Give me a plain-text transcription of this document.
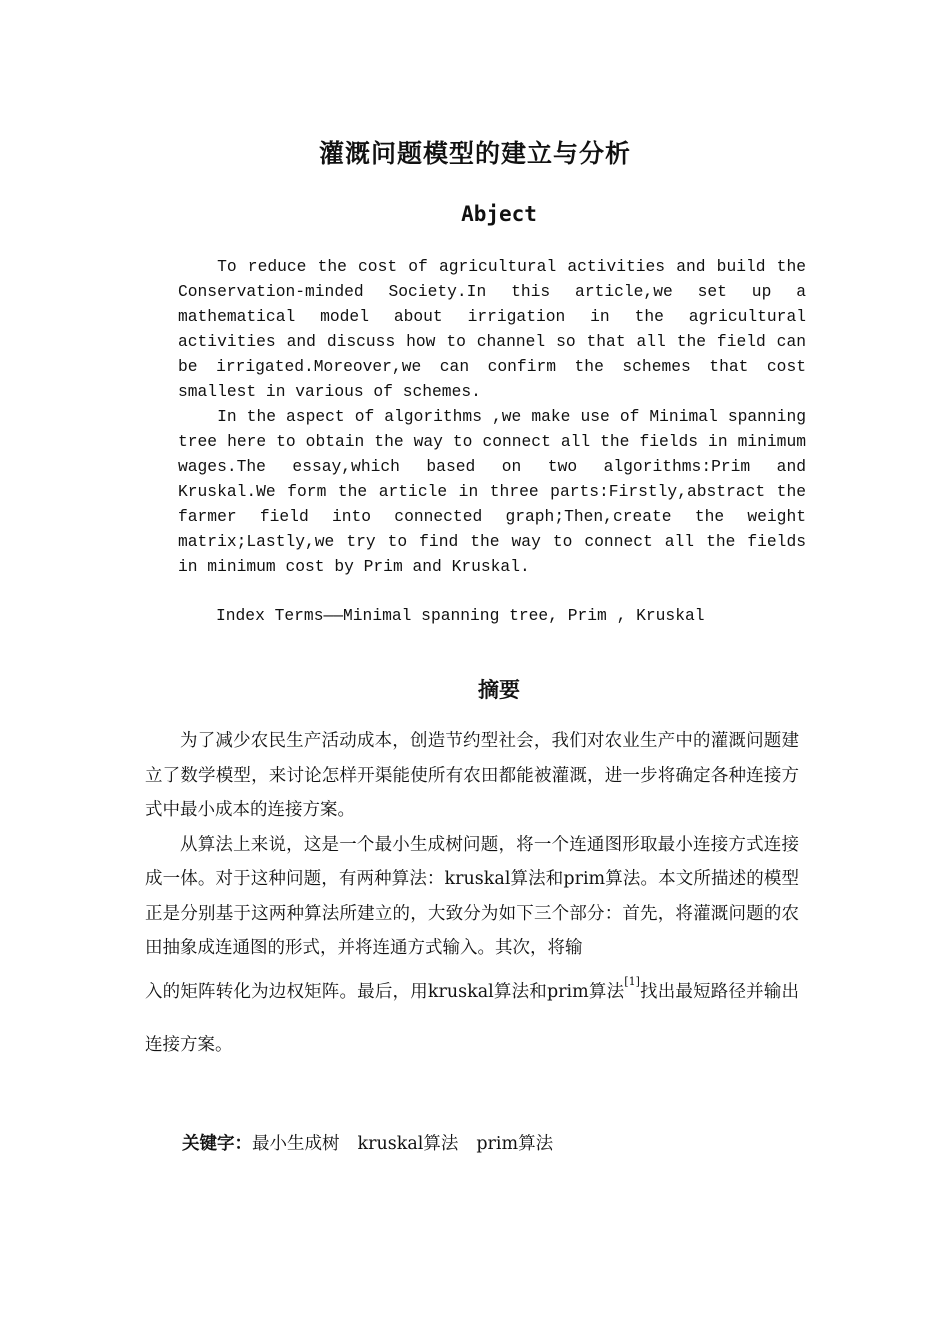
灌溉问题模型的建立与分析
Abject

To reduce the cost of agricultural activities and build the Conservation-minded Society.In this article,we set up a mathematical model about irrigation in the agricultural activities and discuss how to channel so that all the field can be irrigated.Moreover,we can confirm the schemes that cost smallest in various of schemes.

In the aspect of algorithms ,we make use of Minimal spanning tree here to obtain the way to connect all the fields in minimum wages.The essay,which based on two algorithms:Prim and Kruskal.We form the article in three parts:Firstly,abstract the farmer field into connected graph;Then,create the weight matrix;Lastly,we try to find the way to connect all the fields in minimum cost by Prim and Kruskal.

Index Terms——Minimal spanning tree, Prim , Kruskal
摘要

为了减少农民生产活动成本，创造节约型社会，我们对农业生产中的灌溉问题建立了数学模型，来讨论怎样开渠能使所有农田都能被灌溉，进一步将确定各种连接方式中最小成本的连接方案。

从算法上来说，这是一个最小生成树问题，将一个连通图形取最小连接方式连接成一体。对于这种问题，有两种算法：kruskal算法和prim算法。本文所描述的模型正是分别基于这两种算法所建立的，大致分为如下三个部分：首先，将灌溉问题的农田抽象成连通图的形式，并将连通方式输入。其次，将输

入的矩阵转化为边权矩阵。最后，用kruskal算法和prim算法[1]找出最短路径并输出连接方案。

关键字：最小生成树 kruskal算法 prim算法
